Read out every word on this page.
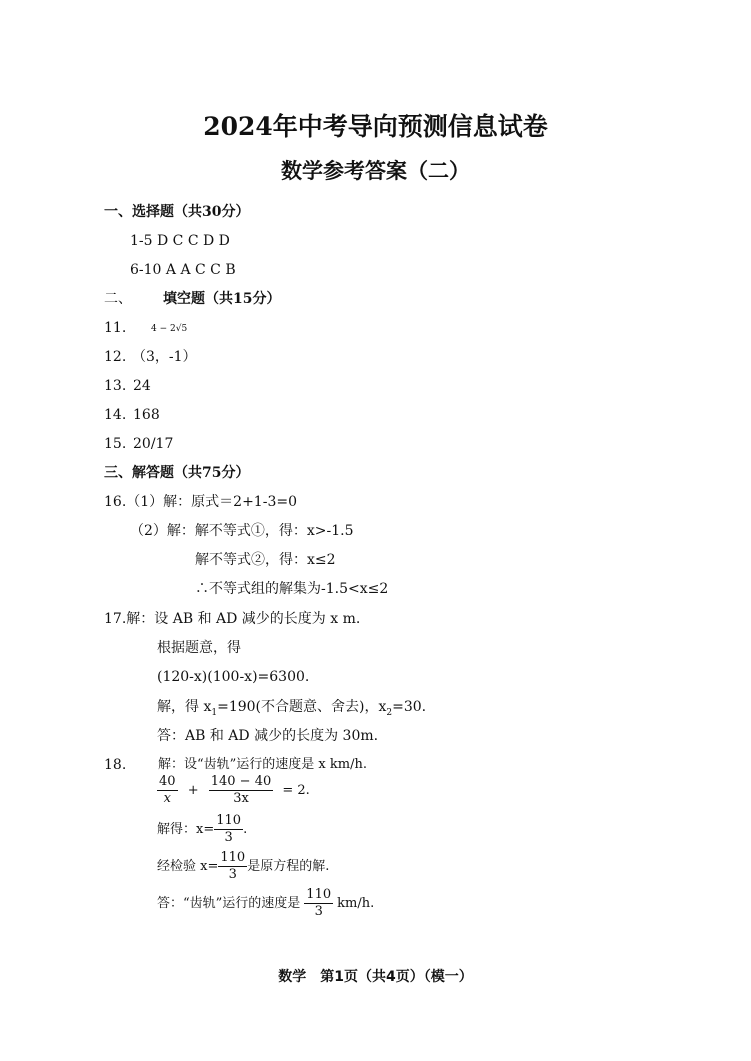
2024年中考导向预测信息试卷
数学参考答案（二）
一、选择题（共30分）
1-5 D C C D D
6-10 A A C C B
二、 填空题（共15分）
11.	4 − 2√5
12. （3，-1）
13. 24
14. 168
15. 20/17
三、解答题（共75分）
16.（1）解：原式＝2+1-3=0
（2）解：解不等式①，得：x>-1.5
解不等式②，得：x≤2
∴不等式组的解集为-1.5<x≤2
17.解：设 AB 和 AD 减少的长度为 x m.
根据题意，得
(120-x)(100-x)=6300.
解，得 $x_1=190$(不合题意、舍去)，$x_2=30$.
答：AB 和 AD 减少的长度为 30m.
18. 解：设“齿轨”运行的速度是 x km/h.
$\frac{40}{x} + \frac{140 - 40}{3x} = 2$.
解得：$x= \frac{110}{3}$ .
经检验 $x= \frac{110}{3}$ 是原方程的解.
答：“齿轨”运行的速度是 $\frac{110}{3} km/h$.
数学　第1页（共4页）（模一）
